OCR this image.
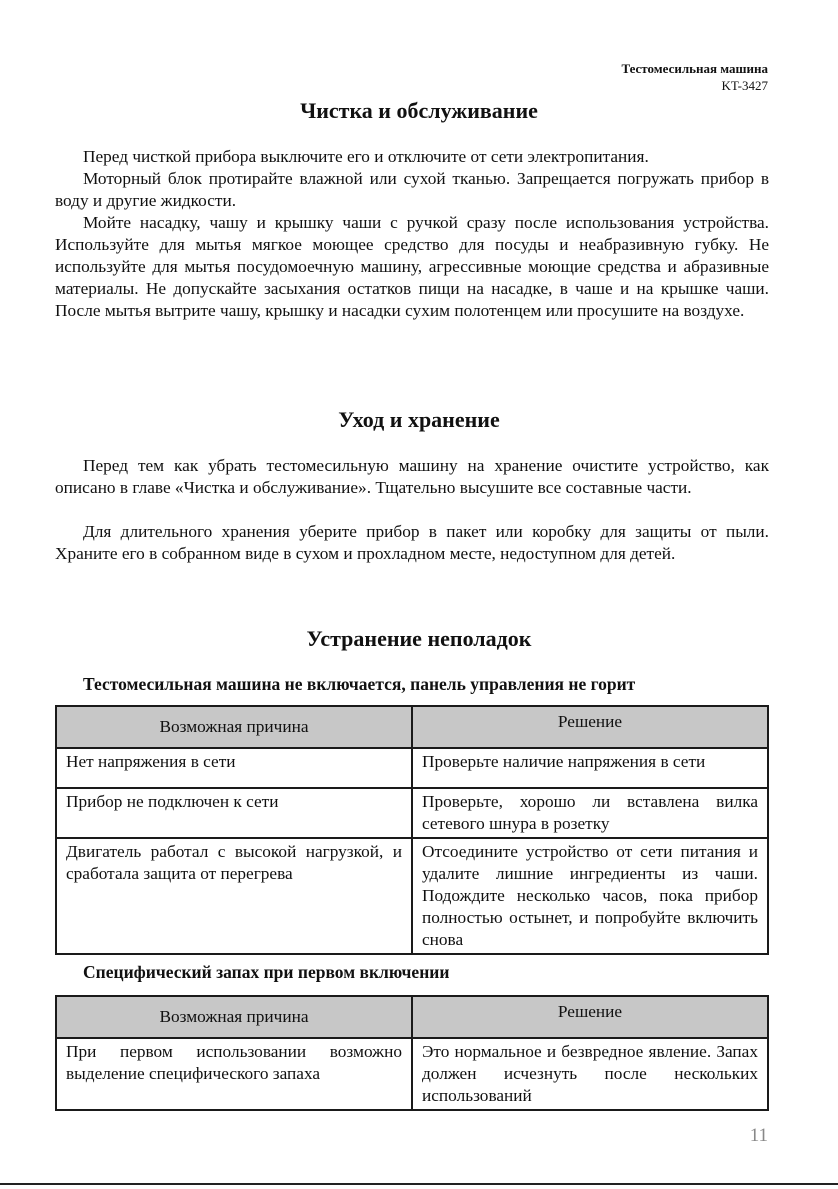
Тестомесильная машина
KT-3427
Чистка и обслуживание

Перед чисткой прибора выключите его и отключите от сети электропитания.

Моторный блок протирайте влажной или сухой тканью. Запрещается погружать прибор в воду и другие жидкости.

Мойте насадку, чашу и крышку чаши с ручкой сразу после использования устройства. Используйте для мытья мягкое моющее средство для посуды и неабразивную губку. Не используйте для мытья посудомоечную машину, агрессивные моющие средства и абразивные материалы. Не допускайте засыхания остатков пищи на насадке, в чаше и на крышке чаши. После мытья вытрите чашу, крышку и насадки сухим полотенцем или просушите на воздухе.

Уход и хранение

Перед тем как убрать тестомесильную машину на хранение очистите устройство, как описано в главе «Чистка и обслуживание». Тщательно высушите все составные части.

Для длительного хранения уберите прибор в пакет или коробку для защиты от пыли. Храните его в собранном виде в сухом и прохладном месте, недоступном для детей.

Устранение неполадок
Тестомесильная машина не включается, панель управления не горит
Возможная причина	Решение
Нет напряжения в сети	Проверьте наличие напряжения в сети
Прибор не подключен к сети	Проверьте, хорошо ли вставлена вилка сетевого шнура в розетку
Двигатель работал с высокой нагрузкой, и сработала защита от перегрева	Отсоедините устройство от сети питания и удалите лишние ингредиенты из чаши. Подождите несколько часов, пока прибор полностью остынет, и попробуйте включить снова
Специфический запах при первом включении
Возможная причина	Решение
При первом использовании возможно выделение специфического запаха	Это нормальное и безвредное явление. Запах должен исчезнуть после нескольких использований
11
